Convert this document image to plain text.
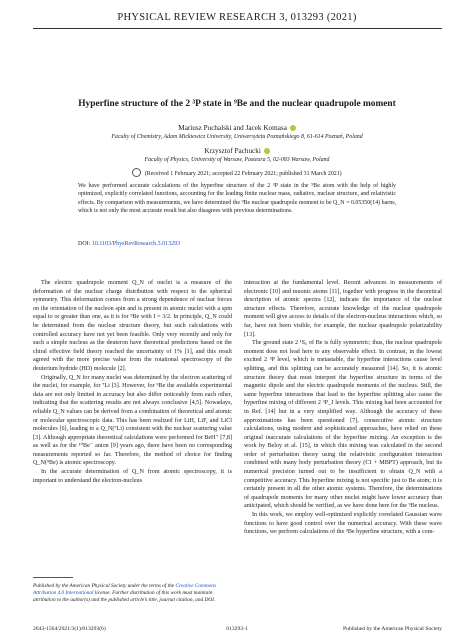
PHYSICAL REVIEW RESEARCH 3, 013293 (2021)
Hyperfine structure of the 2 ³P state in ⁹Be and the nuclear quadrupole moment
Mariusz Puchalski and Jacek Komasa
Faculty of Chemistry, Adam Mickiewicz University, Uniwersytetu Poznańskiego 8, 61-614 Poznań, Poland
Krzysztof Pachucki
Faculty of Physics, University of Warsaw, Pasteura 5, 02-093 Warsaw, Poland
(Received 1 February 2021; accepted 22 February 2021; published 31 March 2021)
We have performed accurate calculations of the hyperfine structure of the 2 ³P state in the ⁹Be atom with the help of highly optimized, explicitly correlated functions, accounting for the leading finite nuclear mass, radiative, nuclear structure, and relativistic effects. By comparison with measurements, we have determined the ⁹Be nuclear quadrupole moment to be Q_N = 0.05350(14) barns, which is not only the most accurate result but also disagrees with previous determinations.
DOI: 10.1103/PhysRevResearch.3.013293

The electric quadrupole moment Q_N of nuclei is a measure of the deformation of the nuclear charge distribution with respect to the spherical symmetry. This deformation comes from a strong dependence of nuclear forces on the orientation of the nucleon spin and is present in atomic nuclei with a spin equal to or greater than one, as it is for ⁹Be with I = 3/2. In principle, Q_N could be determined from the nuclear structure theory, but such calculations with controlled accuracy have not yet been feasible. Only very recently and only for such a simple nucleus as the deuteron have theoretical predictions based on the chiral effective field theory reached the uncertainty of 1% [1], and this result agreed with the more precise value from the rotational spectroscopy of the deuterium hydride (HD) molecule [2].

Originally, Q_N for many nuclei was determined by the electron scattering of the nuclei, for example, for ⁷Li [3]. However, for ⁹Be the available experimental data are not only limited in accuracy but also differ noticeably from each other, indicating that the scattering results are not always conclusive [4,5]. Nowadays, reliable Q_N values can be derived from a combination of theoretical and atomic or molecular spectroscopic data. This has been realized for LiH, LiF, and LiCl molecules [6], leading to a Q_N(⁷Li) consistent with the nuclear scattering value [3]. Although appropriate theoretical calculations were performed for BeH⁺ [7,8] as well as for the ¹⁰Be⁻ anion [9] years ago, there have been no corresponding measurements reported so far. Therefore, the method of choice for finding Q_N(⁹Be) is atomic spectroscopy.

In the accurate determination of Q_N from atomic spectroscopy, it is important to understand the electron-nucleus

interaction at the fundamental level. Recent advances in measurements of electronic [10] and muonic atoms [11], together with progress in the theoretical description of atomic spectra [12], indicate the importance of the nuclear structure effects. Therefore, accurate knowledge of the nuclear quadrupole moment will give access to details of the electron-nucleus interactions which, so far, have not been visible, for example, the nuclear quadrupole polarizability [13].

The ground state 2 ¹S₀ of Be is fully symmetric; thus, the nuclear quadrupole moment does not lead here to any observable effect. In contrast, in the lowest excited 2 ³P level, which is metastable, the hyperfine interactions cause level splitting, and this splitting can be accurately measured [14]. So, it is atomic structure theory that must interpret the hyperfine structure in terms of the magnetic dipole and the electric quadrupole moments of the nucleus. Still, the same hyperfine interactions that lead to the hyperfine splitting also cause the hyperfine mixing of different 2 ³P_J levels. This mixing had been accounted for in Ref. [14] but in a very simplified way. Although the accuracy of these approximations has been questioned [7], consecutive atomic structure calculations, using modern and sophisticated approaches, have relied on these original inaccurate calculations of the hyperfine mixing. An exception is the work by Beloy et al. [15], in which this mixing was calculated in the second order of perturbation theory using the relativistic configuration interaction combined with many body perturbation theory (CI + MBPT) approach, but its numerical precision turned out to be insufficient to obtain Q_N with a competitive accuracy. This hyperfine mixing is not specific just to Be atom; it is certainly present in all the other atomic systems. Therefore, the determinations of quadrupole moments for many other nuclei might have lower accuracy than anticipated, which should be verified, as we have done here for the ⁹Be nucleus.

In this work, we employ well-optimized explicitly correlated Gaussian wave functions to have good control over the numerical accuracy. With these wave functions, we perform calculations of the ⁹Be hyperfine structure, with a com-

Published by the American Physical Society under the terms of the Creative Commons Attribution 4.0 International license. Further distribution of this work must maintain attribution to the author(s) and the published article’s title, journal citation, and DOI.
2643-1564/2021/3(1)/013293(6)	013293-1	Published by the American Physical Society
